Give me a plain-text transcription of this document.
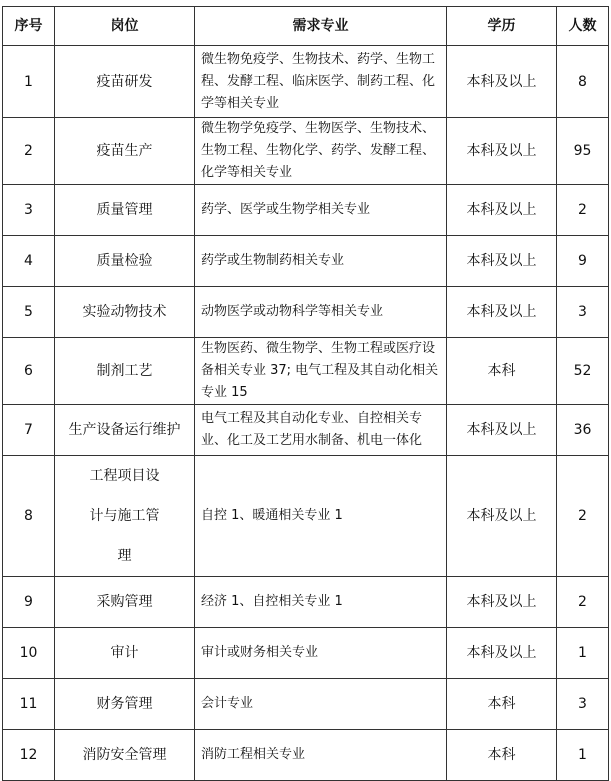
序号	岗位	需求专业	学历	人数
1	疫苗研发	微生物免疫学、生物技术、药学、生物工程、发酵工程、临床医学、制药工程、化学等相关专业	本科及以上	8
2	疫苗生产	微生物学免疫学、生物医学、生物技术、生物工程、生物化学、药学、发酵工程、化学等相关专业	本科及以上	95
3	质量管理	药学、医学或生物学相关专业	本科及以上	2
4	质量检验	药学或生物制药相关专业	本科及以上	9
5	实验动物技术	动物医学或动物科学等相关专业	本科及以上	3
6	制剂工艺	生物医药、微生物学、生物工程或医疗设备相关专业 37; 电气工程及其自动化相关专业 15	本科	52
7	生产设备运行维护	电气工程及其自动化专业、自控相关专业、化工及工艺用水制备、机电一体化	本科及以上	36
8	工程项目设计与施工管理	自控 1、暖通相关专业 1	本科及以上	2
9	采购管理	经济 1、自控相关专业 1	本科及以上	2
10	审计	审计或财务相关专业	本科及以上	1
11	财务管理	会计专业	本科	3
12	消防安全管理	消防工程相关专业	本科	1
